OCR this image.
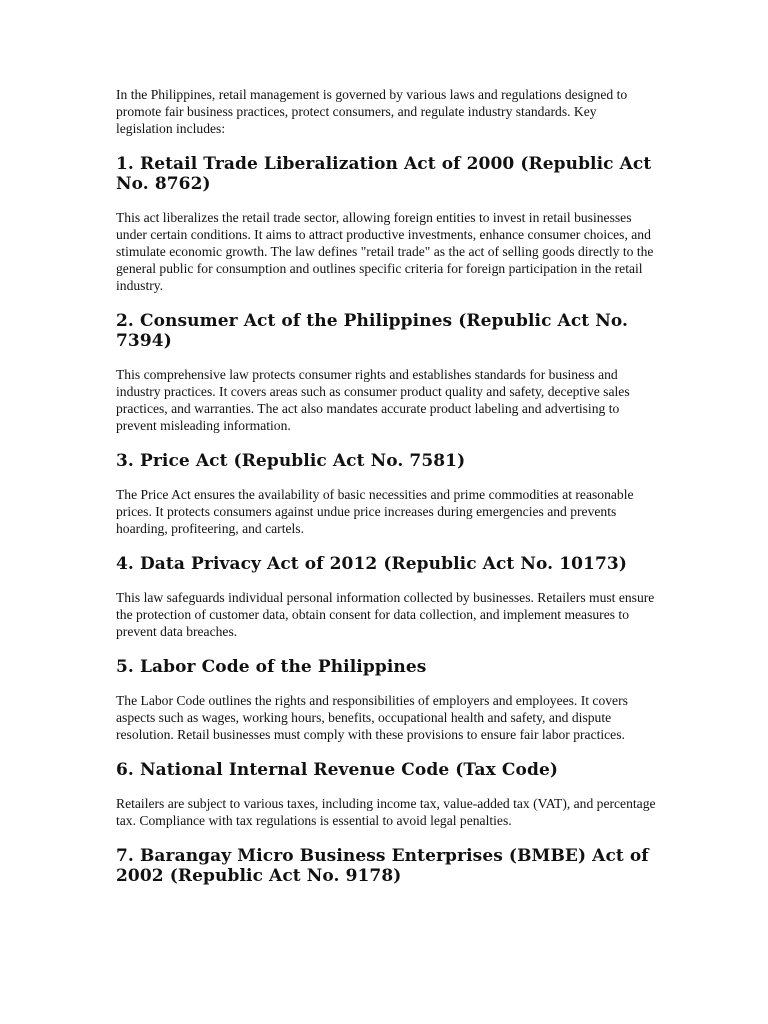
In the Philippines, retail management is governed by various laws and regulations designed to promote fair business practices, protect consumers, and regulate industry standards. Key legislation includes:

1. Retail Trade Liberalization Act of 2000 (Republic Act No. 8762)

This act liberalizes the retail trade sector, allowing foreign entities to invest in retail businesses under certain conditions. It aims to attract productive investments, enhance consumer choices, and stimulate economic growth. The law defines "retail trade" as the act of selling goods directly to the general public for consumption and outlines specific criteria for foreign participation in the retail industry.

2. Consumer Act of the Philippines (Republic Act No. 7394)

This comprehensive law protects consumer rights and establishes standards for business and industry practices. It covers areas such as consumer product quality and safety, deceptive sales practices, and warranties. The act also mandates accurate product labeling and advertising to prevent misleading information.

3. Price Act (Republic Act No. 7581)

The Price Act ensures the availability of basic necessities and prime commodities at reasonable prices. It protects consumers against undue price increases during emergencies and prevents hoarding, profiteering, and cartels.

4. Data Privacy Act of 2012 (Republic Act No. 10173)

This law safeguards individual personal information collected by businesses. Retailers must ensure the protection of customer data, obtain consent for data collection, and implement measures to prevent data breaches.

5. Labor Code of the Philippines

The Labor Code outlines the rights and responsibilities of employers and employees. It covers aspects such as wages, working hours, benefits, occupational health and safety, and dispute resolution. Retail businesses must comply with these provisions to ensure fair labor practices.

6. National Internal Revenue Code (Tax Code)

Retailers are subject to various taxes, including income tax, value-added tax (VAT), and percentage tax. Compliance with tax regulations is essential to avoid legal penalties.

7. Barangay Micro Business Enterprises (BMBE) Act of 2002 (Republic Act No. 9178)
